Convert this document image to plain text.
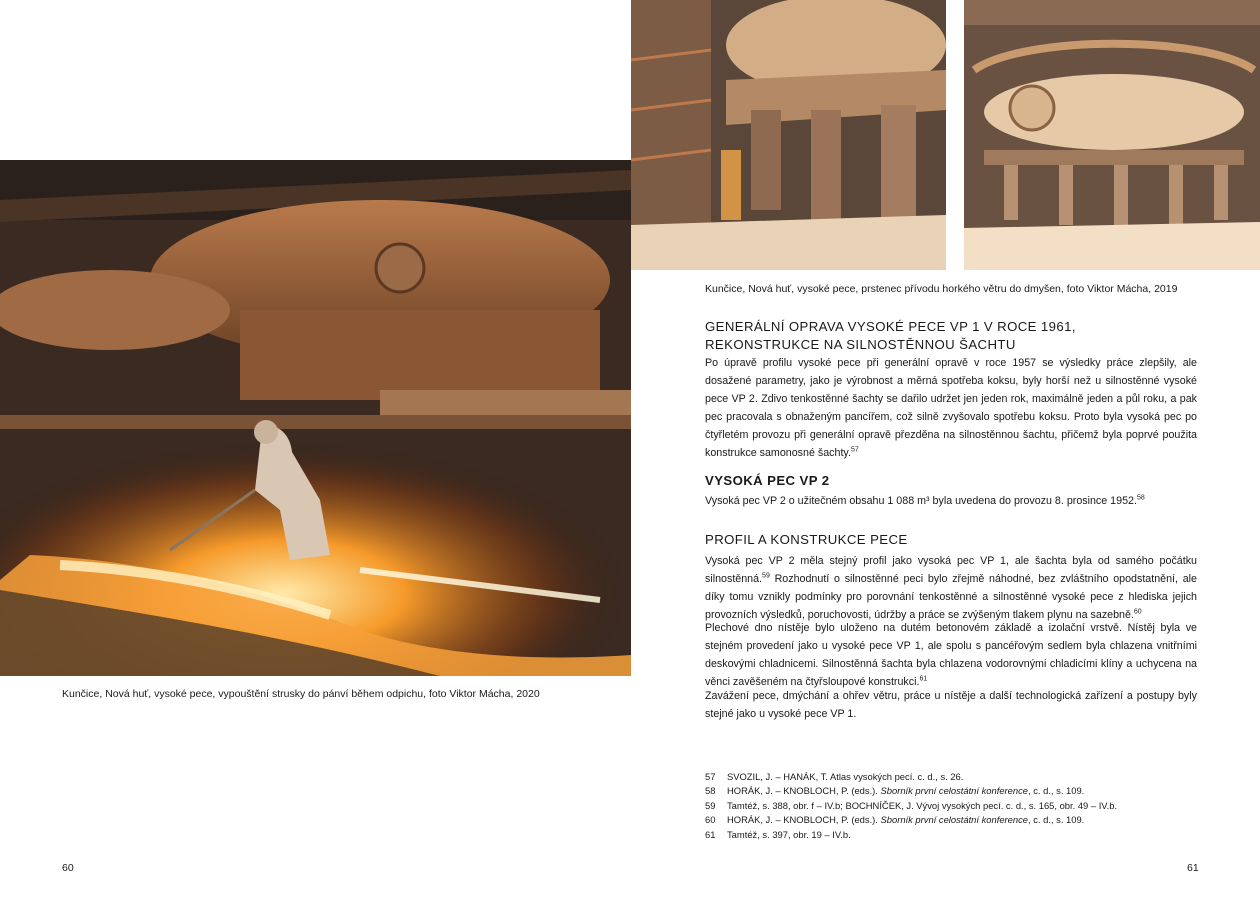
Kunčice, Nová huť, vysoké pece, vypouštění strusky do pánví během odpichu, foto Viktor Mácha, 2020
60
Kunčice, Nová huť, vysoké pece, prstenec přívodu horkého větru do dmyšen, foto Viktor Mácha, 2019
GENERÁLNÍ OPRAVA VYSOKÉ PECE VP 1 V ROCE 1961,
REKONSTRUKCE NA SILNOSTĚNNOU ŠACHTU

Po úpravě profilu vysoké pece při generální opravě v roce 1957 se výsledky práce zlepšily, ale dosažené parametry, jako je výrobnost a měrná spotřeba koksu, byly horší než u silnostěnné vysoké pece VP 2. Zdivo tenkostěnné šachty se dařilo udržet jen jeden rok, maximálně jeden a půl roku, a pak pec pracovala s obnaženým pancířem, což silně zvyšovalo spotřebu koksu. Proto byla vysoká pec po čtyřletém provozu při generální opravě přezděna na silnostěnnou šachtu, přičemž byla poprvé použita konstrukce samonosné šachty.$^{57}$

VYSOKÁ PEC VP 2

Vysoká pec VP 2 o užitečném obsahu 1 088 m³ byla uvedena do provozu 8. prosince 1952.58

PROFIL A KONSTRUKCE PECE

Vysoká pec VP 2 měla stejný profil jako vysoká pec VP 1, ale šachta byla od samého počátku silnostěnná.$^{59}$ Rozhodnutí o silnostěnné peci bylo zřejmě náhodné, bez zvláštního opodstatnění, ale díky tomu vznikly podmínky pro porovnání tenkostěnné a silnostěnné vysoké pece z hlediska jejich provozních výsledků, poruchovosti, údržby a práce se zvýšeným tlakem plynu na sazebně.$^{60}$

Plechové dno nístěje bylo uloženo na dutém betonovém základě a izolační vrstvě. Nístěj byla ve stejném provedení jako u vysoké pece VP 1, ale spolu s pancéřovým sedlem byla chlazena vnitřními deskovými chladnicemi. Silnostěnná šachta byla chlazena vodorovnými chladicími klíny a uchycena na věnci zavěšeném na čtyřsloupové konstrukci.$^{61}$

Zavážení pece, dmýchání a ohřev větru, práce u nístěje a další technologická zařízení a postupy byly stejné jako u vysoké pece VP 1.

57	SVOZIL, J. – HANÁK, T. Atlas vysokých pecí. c. d., s. 26.
58	HORÁK, J. – KNOBLOCH, P. (eds.). Sborník první celostátní konference, c. d., s. 109.
59	Tamtéž, s. 388, obr. f – IV.b; BOCHNÍČEK, J. Vývoj vysokých pecí. c. d., s. 165, obr. 49 – IV.b.
60	HORÁK, J. – KNOBLOCH, P. (eds.). Sborník první celostátní konference, c. d., s. 109.
61	Tamtéž, s. 397, obr. 19 – IV.b.
61
